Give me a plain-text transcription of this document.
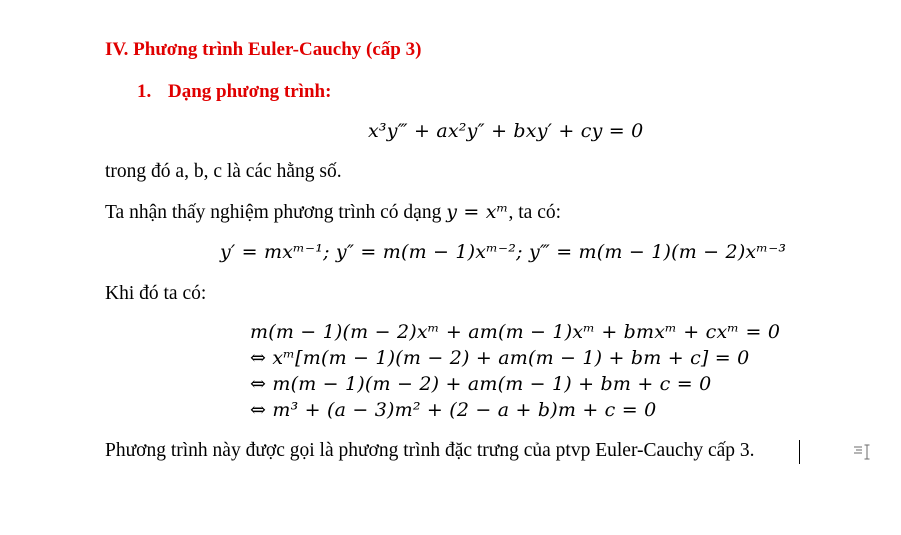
IV. Phương trình Euler-Cauchy (cấp 3)
1. Dạng phương trình:
x³y‴ + ax²y″ + bxy′ + cy = 0
trong đó a, b, c là các hằng số.
Ta nhận thấy nghiệm phương trình có dạng y = xᵐ, ta có:
y′ = mxᵐ⁻¹; y″ = m(m − 1)xᵐ⁻²; y‴ = m(m − 1)(m − 2)xᵐ⁻³
Khi đó ta có:
m(m − 1)(m − 2)xᵐ + am(m − 1)xᵐ + bmxᵐ + cxᵐ = 0
⇔ xᵐ[m(m − 1)(m − 2) + am(m − 1) + bm + c] = 0
⇔ m(m − 1)(m − 2) + am(m − 1) + bm + c = 0
⇔ m³ + (a − 3)m² + (2 − a + b)m + c = 0
Phương trình này được gọi là phương trình đặc trưng của ptvp Euler-Cauchy cấp 3.
